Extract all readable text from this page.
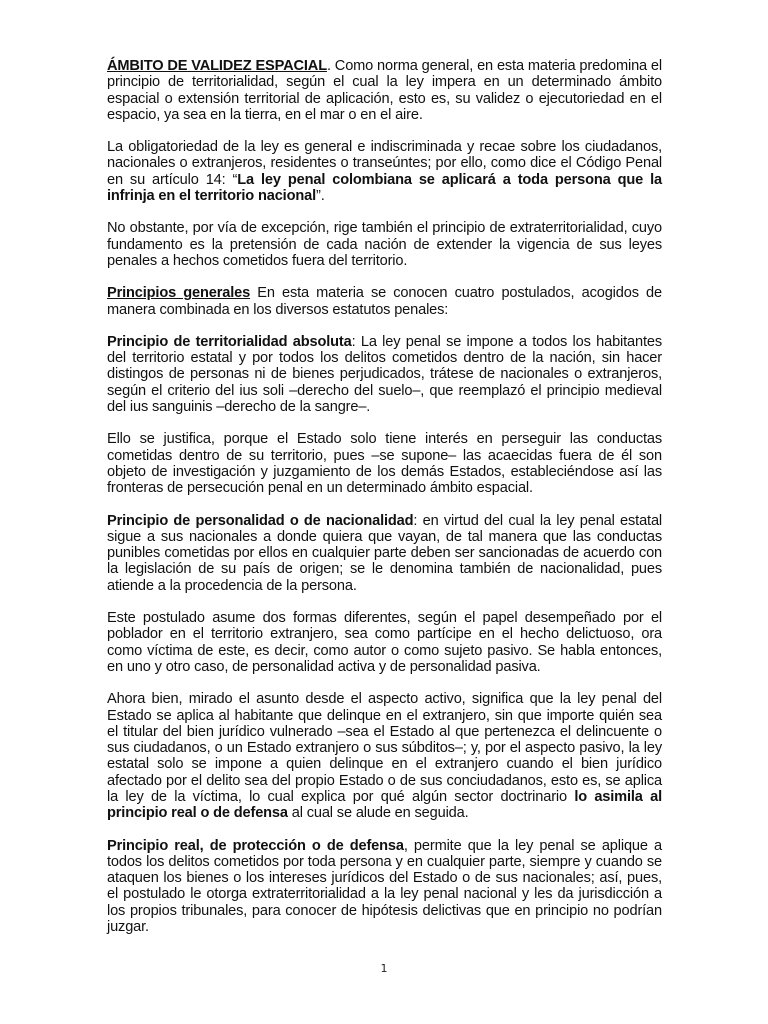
ÁMBITO DE VALIDEZ ESPACIAL. Como norma general, en esta materia predomina el principio de territorialidad, según el cual la ley impera en un determinado ámbito espacial o extensión territorial de aplicación, esto es, su validez o ejecutoriedad en el espacio, ya sea en la tierra, en el mar o en el aire.

La obligatoriedad de la ley es general e indiscriminada y recae sobre los ciudadanos, nacionales o extranjeros, residentes o transeúntes; por ello, como dice el Código Penal en su artículo 14: “La ley penal colombiana se aplicará a toda persona que la infrinja en el territorio nacional”.

No obstante, por vía de excepción, rige también el principio de extraterritorialidad, cuyo fundamento es la pretensión de cada nación de extender la vigencia de sus leyes penales a hechos cometidos fuera del territorio.

Principios generales En esta materia se conocen cuatro postulados, acogidos de manera combinada en los diversos estatutos penales:

Principio de territorialidad absoluta: La ley penal se impone a todos los habitantes del territorio estatal y por todos los delitos cometidos dentro de la nación, sin hacer distingos de personas ni de bienes perjudicados, trátese de nacionales o extranjeros, según el criterio del ius soli –derecho del suelo–, que reemplazó el principio medieval del ius sanguinis –derecho de la sangre–.

Ello se justifica, porque el Estado solo tiene interés en perseguir las conductas cometidas dentro de su territorio, pues –se supone– las acaecidas fuera de él son objeto de investigación y juzgamiento de los demás Estados, estableciéndose así las fronteras de persecución penal en un determinado ámbito espacial.

Principio de personalidad o de nacionalidad: en virtud del cual la ley penal estatal sigue a sus nacionales a donde quiera que vayan, de tal manera que las conductas punibles cometidas por ellos en cualquier parte deben ser sancionadas de acuerdo con la legislación de su país de origen; se le denomina también de nacionalidad, pues atiende a la procedencia de la persona.

Este postulado asume dos formas diferentes, según el papel desempeñado por el poblador en el territorio extranjero, sea como partícipe en el hecho delictuoso, ora como víctima de este, es decir, como autor o como sujeto pasivo. Se habla entonces, en uno y otro caso, de personalidad activa y de personalidad pasiva.

Ahora bien, mirado el asunto desde el aspecto activo, significa que la ley penal del Estado se aplica al habitante que delinque en el extranjero, sin que importe quién sea el titular del bien jurídico vulnerado –sea el Estado al que pertenezca el delincuente o sus ciudadanos, o un Estado extranjero o sus súbditos–; y, por el aspecto pasivo, la ley estatal solo se impone a quien delinque en el extranjero cuando el bien jurídico afectado por el delito sea del propio Estado o de sus conciudadanos, esto es, se aplica la ley de la víctima, lo cual explica por qué algún sector doctrinario lo asimila al principio real o de defensa al cual se alude en seguida.

Principio real, de protección o de defensa, permite que la ley penal se aplique a todos los delitos cometidos por toda persona y en cualquier parte, siempre y cuando se ataquen los bienes o los intereses jurídicos del Estado o de sus nacionales; así, pues, el postulado le otorga extraterritorialidad a la ley penal nacional y les da jurisdicción a los propios tribunales, para conocer de hipótesis delictivas que en principio no podrían juzgar.

1
